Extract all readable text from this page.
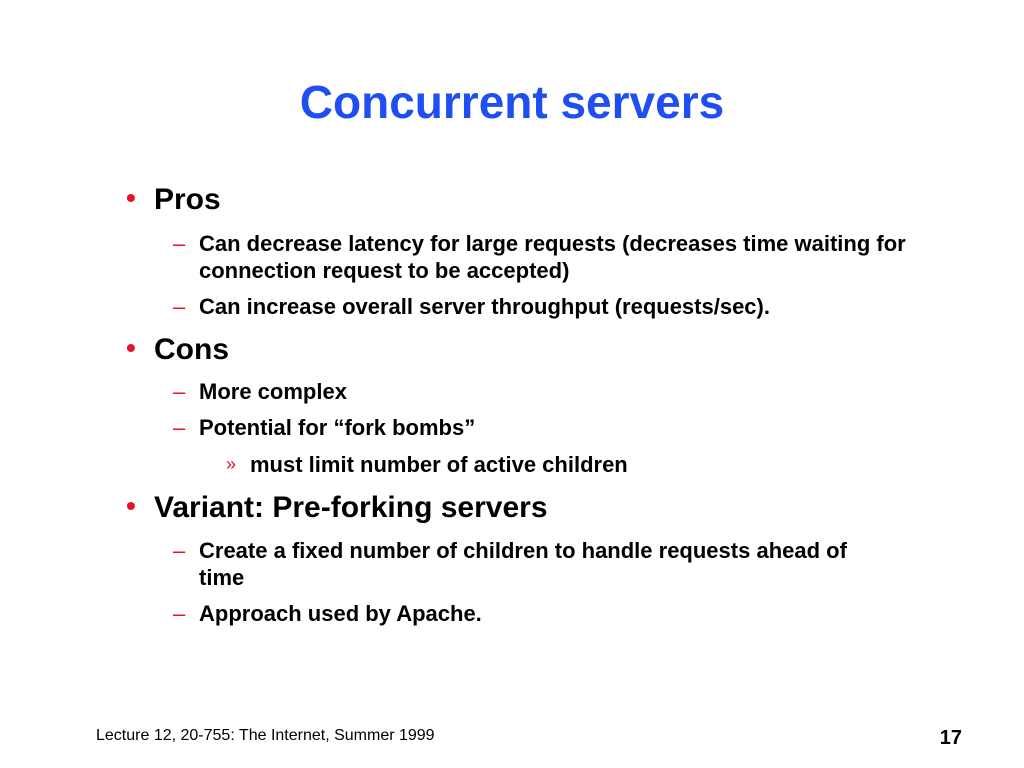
Concurrent servers
• Pros
– Can decrease latency for large requests (decreases time waiting for connection request to be accepted)
– Can increase overall server throughput (requests/sec).
• Cons
– More complex
– Potential for “fork bombs”
» must limit number of active children
• Variant: Pre-forking servers
– Create a fixed number of children to handle requests ahead of time
– Approach used by Apache.
Lecture 12, 20-755: The Internet, Summer 1999	17
